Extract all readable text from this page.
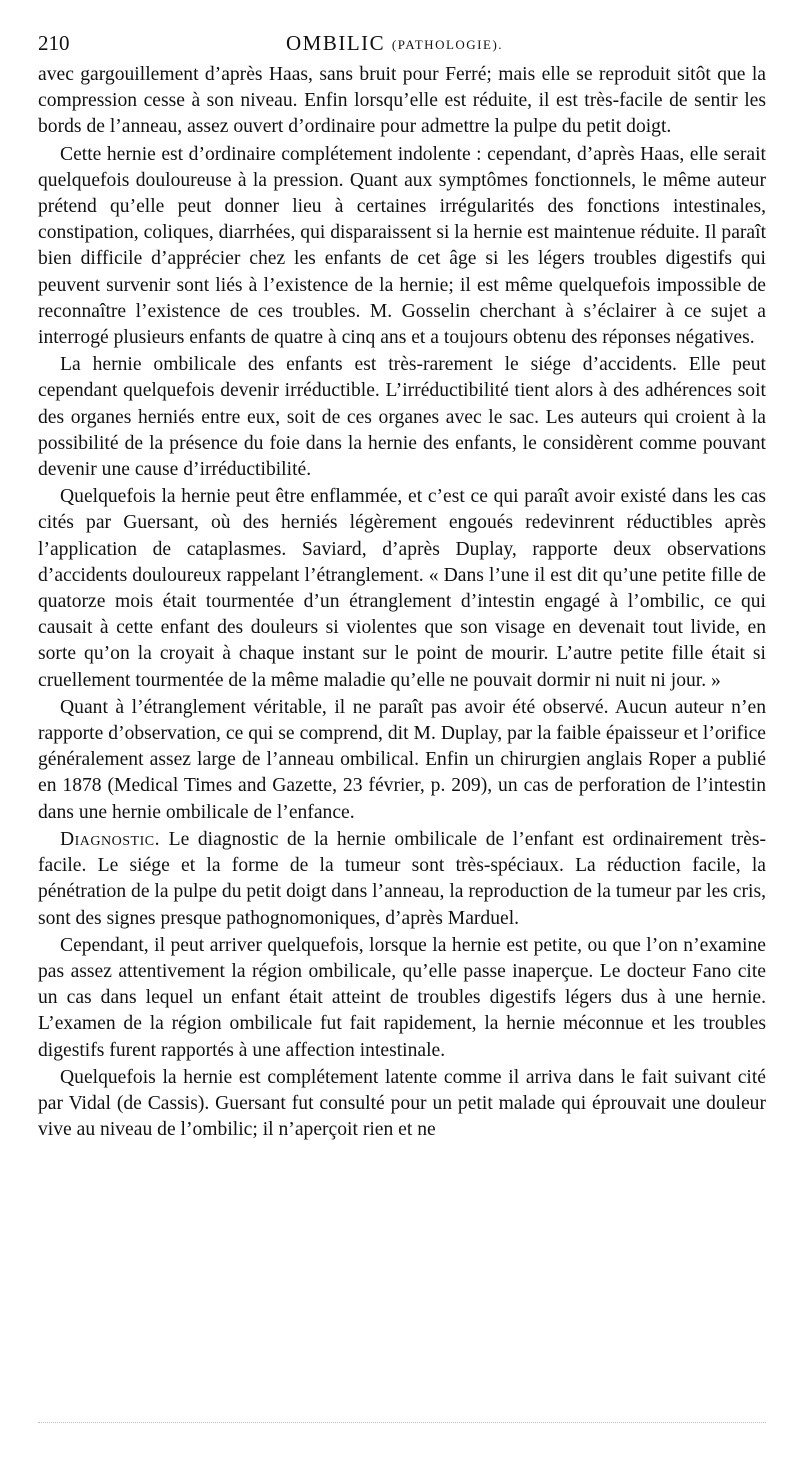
210	OMBILIC (PATHOLOGIE).

avec gargouillement d’après Haas, sans bruit pour Ferré; mais elle se reproduit sitôt que la compression cesse à son niveau. Enfin lorsqu’elle est réduite, il est très-facile de sentir les bords de l’anneau, assez ouvert d’ordinaire pour admettre la pulpe du petit doigt.

Cette hernie est d’ordinaire complétement indolente : cependant, d’après Haas, elle serait quelquefois douloureuse à la pression. Quant aux symptômes fonctionnels, le même auteur prétend qu’elle peut donner lieu à certaines irrégularités des fonctions intestinales, constipation, coliques, diarrhées, qui disparaissent si la hernie est maintenue réduite. Il paraît bien difficile d’apprécier chez les enfants de cet âge si les légers troubles digestifs qui peuvent survenir sont liés à l’existence de la hernie; il est même quelquefois impossible de reconnaître l’existence de ces troubles. M. Gosselin cherchant à s’éclairer à ce sujet a interrogé plusieurs enfants de quatre à cinq ans et a toujours obtenu des réponses négatives.

La hernie ombilicale des enfants est très-rarement le siége d’accidents. Elle peut cependant quelquefois devenir irréductible. L’irréductibilité tient alors à des adhérences soit des organes herniés entre eux, soit de ces organes avec le sac. Les auteurs qui croient à la possibilité de la présence du foie dans la hernie des enfants, le considèrent comme pouvant devenir une cause d’irréductibilité.

Quelquefois la hernie peut être enflammée, et c’est ce qui paraît avoir existé dans les cas cités par Guersant, où des herniés légèrement engoués redevinrent réductibles après l’application de cataplasmes. Saviard, d’après Duplay, rapporte deux observations d’accidents douloureux rappelant l’étranglement. « Dans l’une il est dit qu’une petite fille de quatorze mois était tourmentée d’un étranglement d’intestin engagé à l’ombilic, ce qui causait à cette enfant des douleurs si violentes que son visage en devenait tout livide, en sorte qu’on la croyait à chaque instant sur le point de mourir. L’autre petite fille était si cruellement tourmentée de la même maladie qu’elle ne pouvait dormir ni nuit ni jour. »

Quant à l’étranglement véritable, il ne paraît pas avoir été observé. Aucun auteur n’en rapporte d’observation, ce qui se comprend, dit M. Duplay, par la faible épaisseur et l’orifice généralement assez large de l’anneau ombilical. Enfin un chirurgien anglais Roper a publié en 1878 (Medical Times and Gazette, 23 février, p. 209), un cas de perforation de l’intestin dans une hernie ombilicale de l’enfance.

Diagnostic. Le diagnostic de la hernie ombilicale de l’enfant est ordinairement très-facile. Le siége et la forme de la tumeur sont très-spéciaux. La réduction facile, la pénétration de la pulpe du petit doigt dans l’anneau, la reproduction de la tumeur par les cris, sont des signes presque pathognomoniques, d’après Marduel.

Cependant, il peut arriver quelquefois, lorsque la hernie est petite, ou que l’on n’examine pas assez attentivement la région ombilicale, qu’elle passe inaperçue. Le docteur Fano cite un cas dans lequel un enfant était atteint de troubles digestifs légers dus à une hernie. L’examen de la région ombilicale fut fait rapidement, la hernie méconnue et les troubles digestifs furent rapportés à une affection intestinale.

Quelquefois la hernie est complétement latente comme il arriva dans le fait suivant cité par Vidal (de Cassis). Guersant fut consulté pour un petit malade qui éprouvait une douleur vive au niveau de l’ombilic; il n’aperçoit rien et ne
